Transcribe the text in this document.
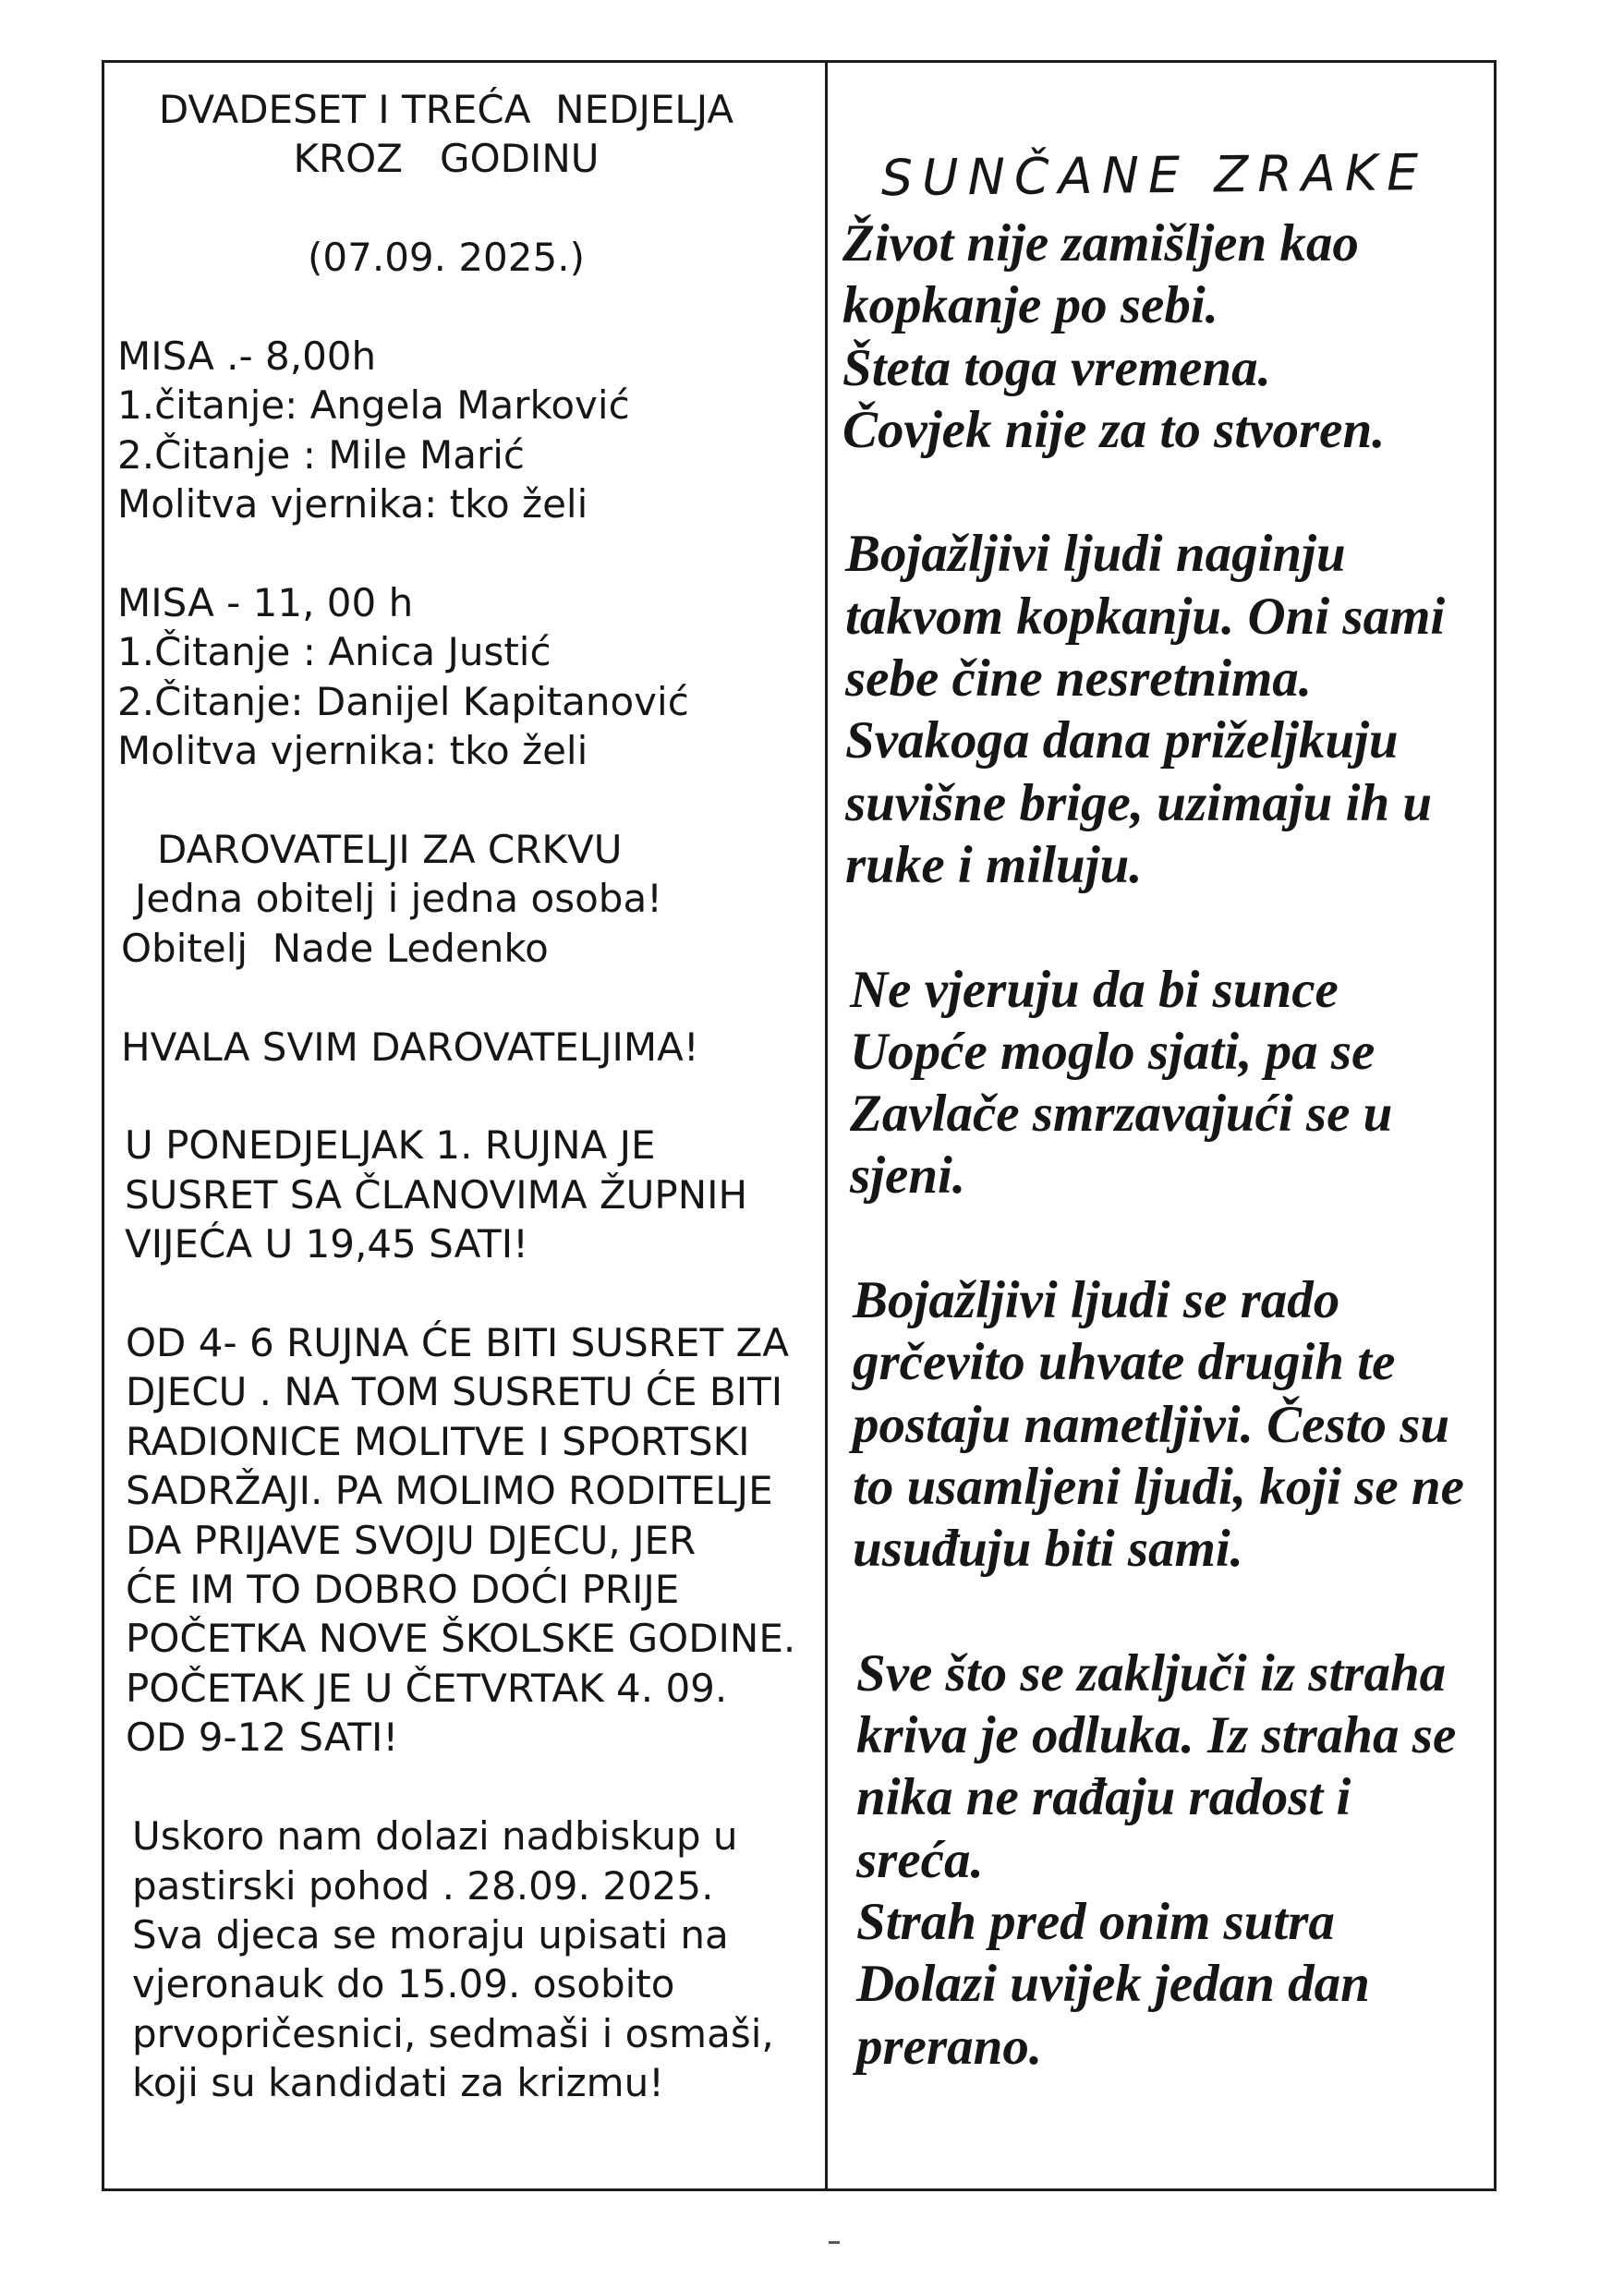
DVADESET I TREĆA  NEDJELJA
KROZ   GODINU
(07.09. 2025.)
MISA .- 8,00h
1.čitanje: Angela Marković
2.Čitanje : Mile Marić
Molitva vjernika: tko želi
MISA - 11, 00 h
1.Čitanje : Anica Justić
2.Čitanje: Danijel Kapitanović
Molitva vjernika: tko želi
DAROVATELJI ZA CRKVU
Jedna obitelj i jedna osoba!
Obitelj  Nade Ledenko
HVALA SVIM DAROVATELJIMA!
U PONEDJELJAK 1. RUJNA JE
SUSRET SA ČLANOVIMA ŽUPNIH
VIJEĆA U 19,45 SATI!
OD 4- 6 RUJNA ĆE BITI SUSRET ZA
DJECU . NA TOM SUSRETU ĆE BITI
RADIONICE MOLITVE I SPORTSKI
SADRŽAJI. PA MOLIMO RODITELJE
DA PRIJAVE SVOJU DJECU, JER
ĆE IM TO DOBRO DOĆI PRIJE
POČETKA NOVE ŠKOLSKE GODINE.
POČETAK JE U ČETVRTAK 4. 09.
OD 9-12 SATI!
Uskoro nam dolazi nadbiskup u
pastirski pohod . 28.09. 2025.
Sva djeca se moraju upisati na
vjeronauk do 15.09. osobito
prvopričesnici, sedmaši i osmaši,
koji su kandidati za krizmu!
SUNČANE ZRAKE
Život nije zamišljen kao
kopkanje po sebi.
Šteta toga vremena.
Čovjek nije za to stvoren.
Bojažljivi ljudi naginju
takvom kopkanju. Oni sami
sebe čine nesretnima.
Svakoga dana priželjkuju
suvišne brige, uzimaju ih u
ruke i miluju.
Ne vjeruju da bi sunce
Uopće moglo sjati, pa se
Zavlače smrzavajući se u
sjeni.
Bojažljivi ljudi se rado
grčevito uhvate drugih te
postaju nametljivi. Često su
to usamljeni ljudi, koji se ne
usuđuju biti sami.
Sve što se zaključi iz straha
kriva je odluka. Iz straha se
nika ne rađaju radost i
sreća.
Strah pred onim sutra
Dolazi uvijek jedan dan
prerano.
